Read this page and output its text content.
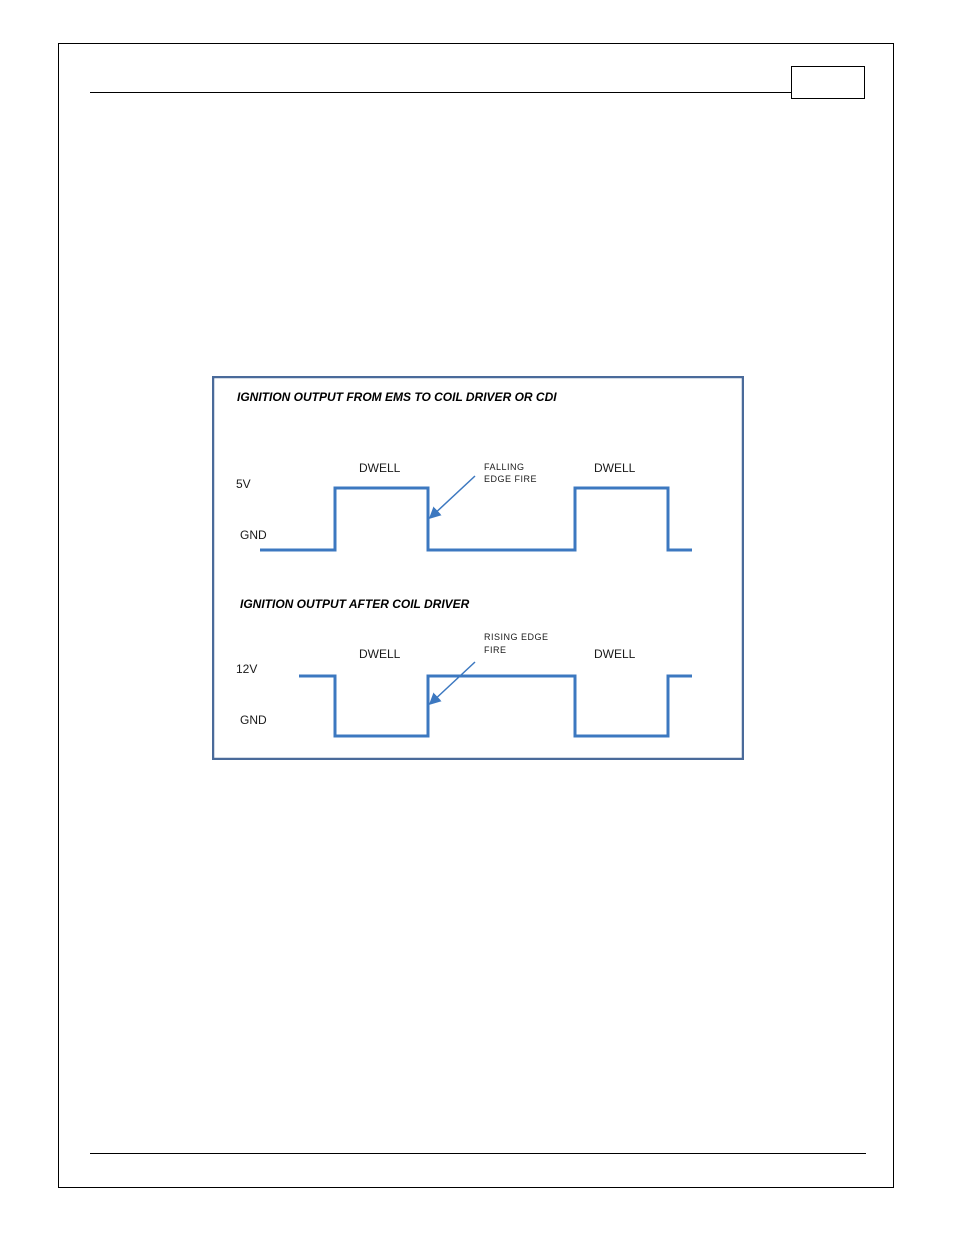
IGNITION OUTPUT FROM EMS TO COIL DRIVER OR CDI
5V
GND
DWELL	DWELL
FALLING
EDGE FIRE
IGNITION OUTPUT AFTER COIL DRIVER
12V
GND
DWELL	DWELL
RISING EDGE
FIRE
